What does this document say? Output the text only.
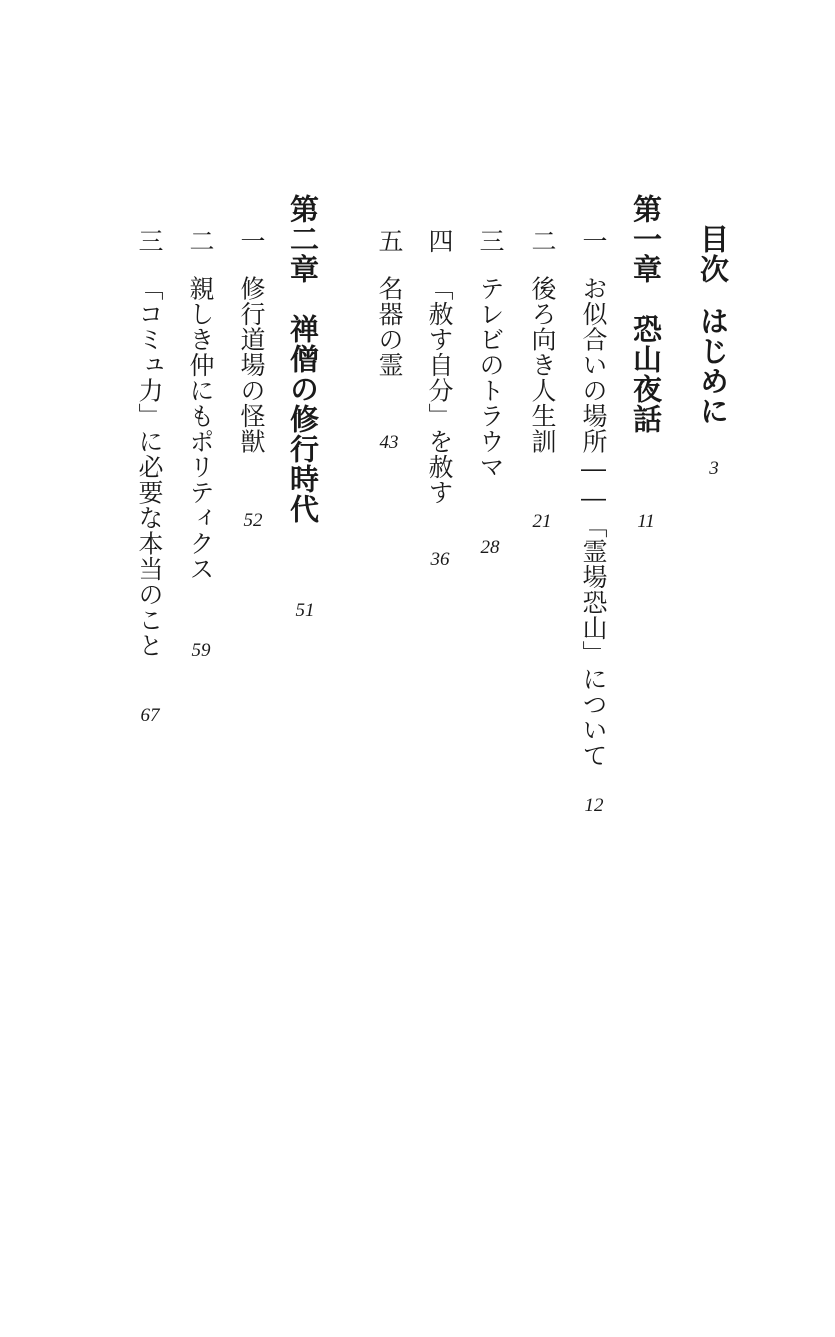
目次はじめに
3
第一章　恐山夜話
11
一お似合いの場所――「霊場恐山」について
12
二後ろ向き人生訓
21
三テレビのトラウマ
28
四「赦す自分」を赦す
36
五名器の霊
43
第二章　禅僧の修行時代
51
一修行道場の怪獣
52
二親しき仲にもポリティクス
59
三「コミュ力」に必要な本当のこと
67
